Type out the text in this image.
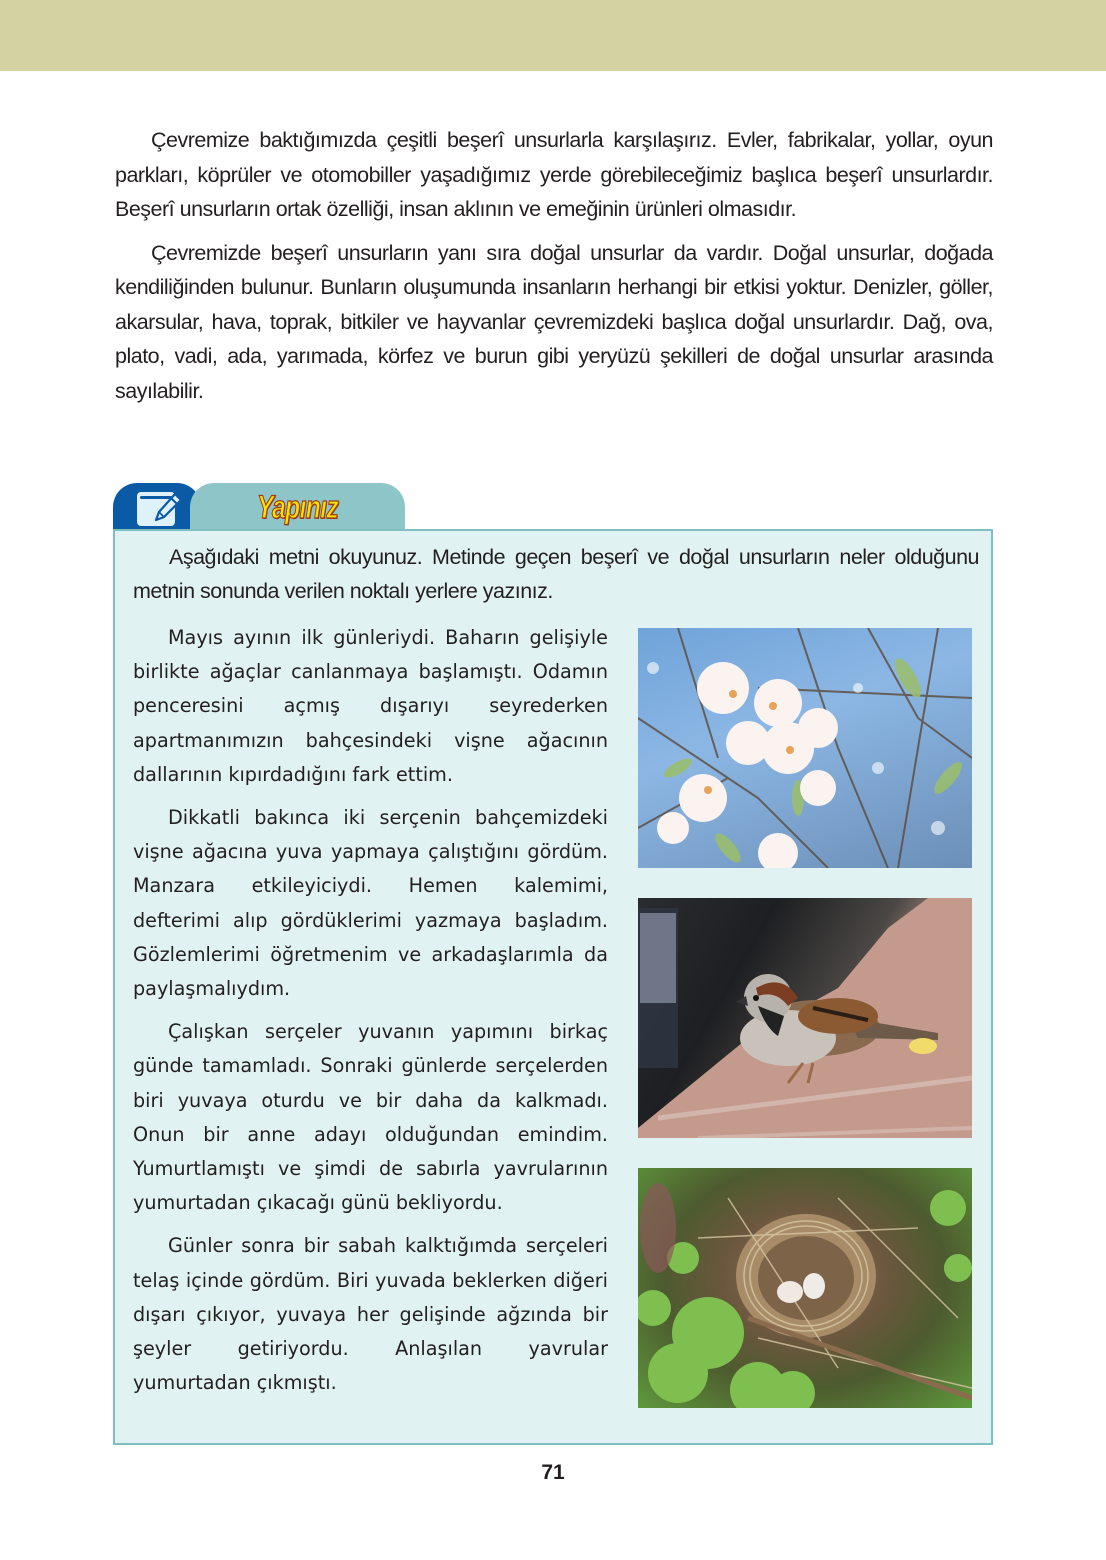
Çevremize baktığımızda çeşitli beşerî unsurlarla karşılaşırız. Evler, fabrikalar, yollar, oyun parkları, köprüler ve otomobiller yaşadığımız yerde görebileceğimiz başlıca beşerî unsurlardır. Beşerî unsurların ortak özelliği, insan aklının ve emeğinin ürünleri olmasıdır.

Çevremizde beşerî unsurların yanı sıra doğal unsurlar da vardır. Doğal unsurlar, doğada kendiliğinden bulunur. Bunların oluşumunda insanların herhangi bir etkisi yoktur. Denizler, göller, akarsular, hava, toprak, bitkiler ve hayvanlar çevremizdeki başlıca doğal unsurlardır. Dağ, ova, plato, vadi, ada, yarımada, körfez ve burun gibi yeryüzü şekilleri de doğal unsurlar arasında sayılabilir.

Yapınız

Aşağıdaki metni okuyunuz. Metinde geçen beşerî ve doğal unsurların neler olduğunu metnin sonunda verilen noktalı yerlere yazınız.

Mayıs ayının ilk günleriydi. Baharın gelişiyle birlikte ağaçlar canlanmaya başlamıştı. Odamın penceresini açmış dışarıyı seyrederken apartmanımızın bahçesindeki vişne ağacının dallarının kıpırdadığını fark ettim.

Dikkatli bakınca iki serçenin bahçemizdeki vişne ağacına yuva yapmaya çalıştığını gördüm. Manzara etkileyiciydi. Hemen kalemimi, defterimi alıp gördüklerimi yazmaya başladım. Gözlemlerimi öğretmenim ve arkadaşlarımla da paylaşmalıydım.

Çalışkan serçeler yuvanın yapımını birkaç günde tamamladı. Sonraki günlerde serçelerden biri yuvaya oturdu ve bir daha da kalkmadı. Onun bir anne adayı olduğundan emindim. Yumurtlamıştı ve şimdi de sabırla yavrularının yumurtadan çıkacağı günü bekliyordu.

Günler sonra bir sabah kalktığımda serçeleri telaş içinde gördüm. Biri yuvada beklerken diğeri dışarı çıkıyor, yuvaya her gelişinde ağzında bir şeyler getiriyordu. Anlaşılan yavrular yumurtadan çıkmıştı.

71
